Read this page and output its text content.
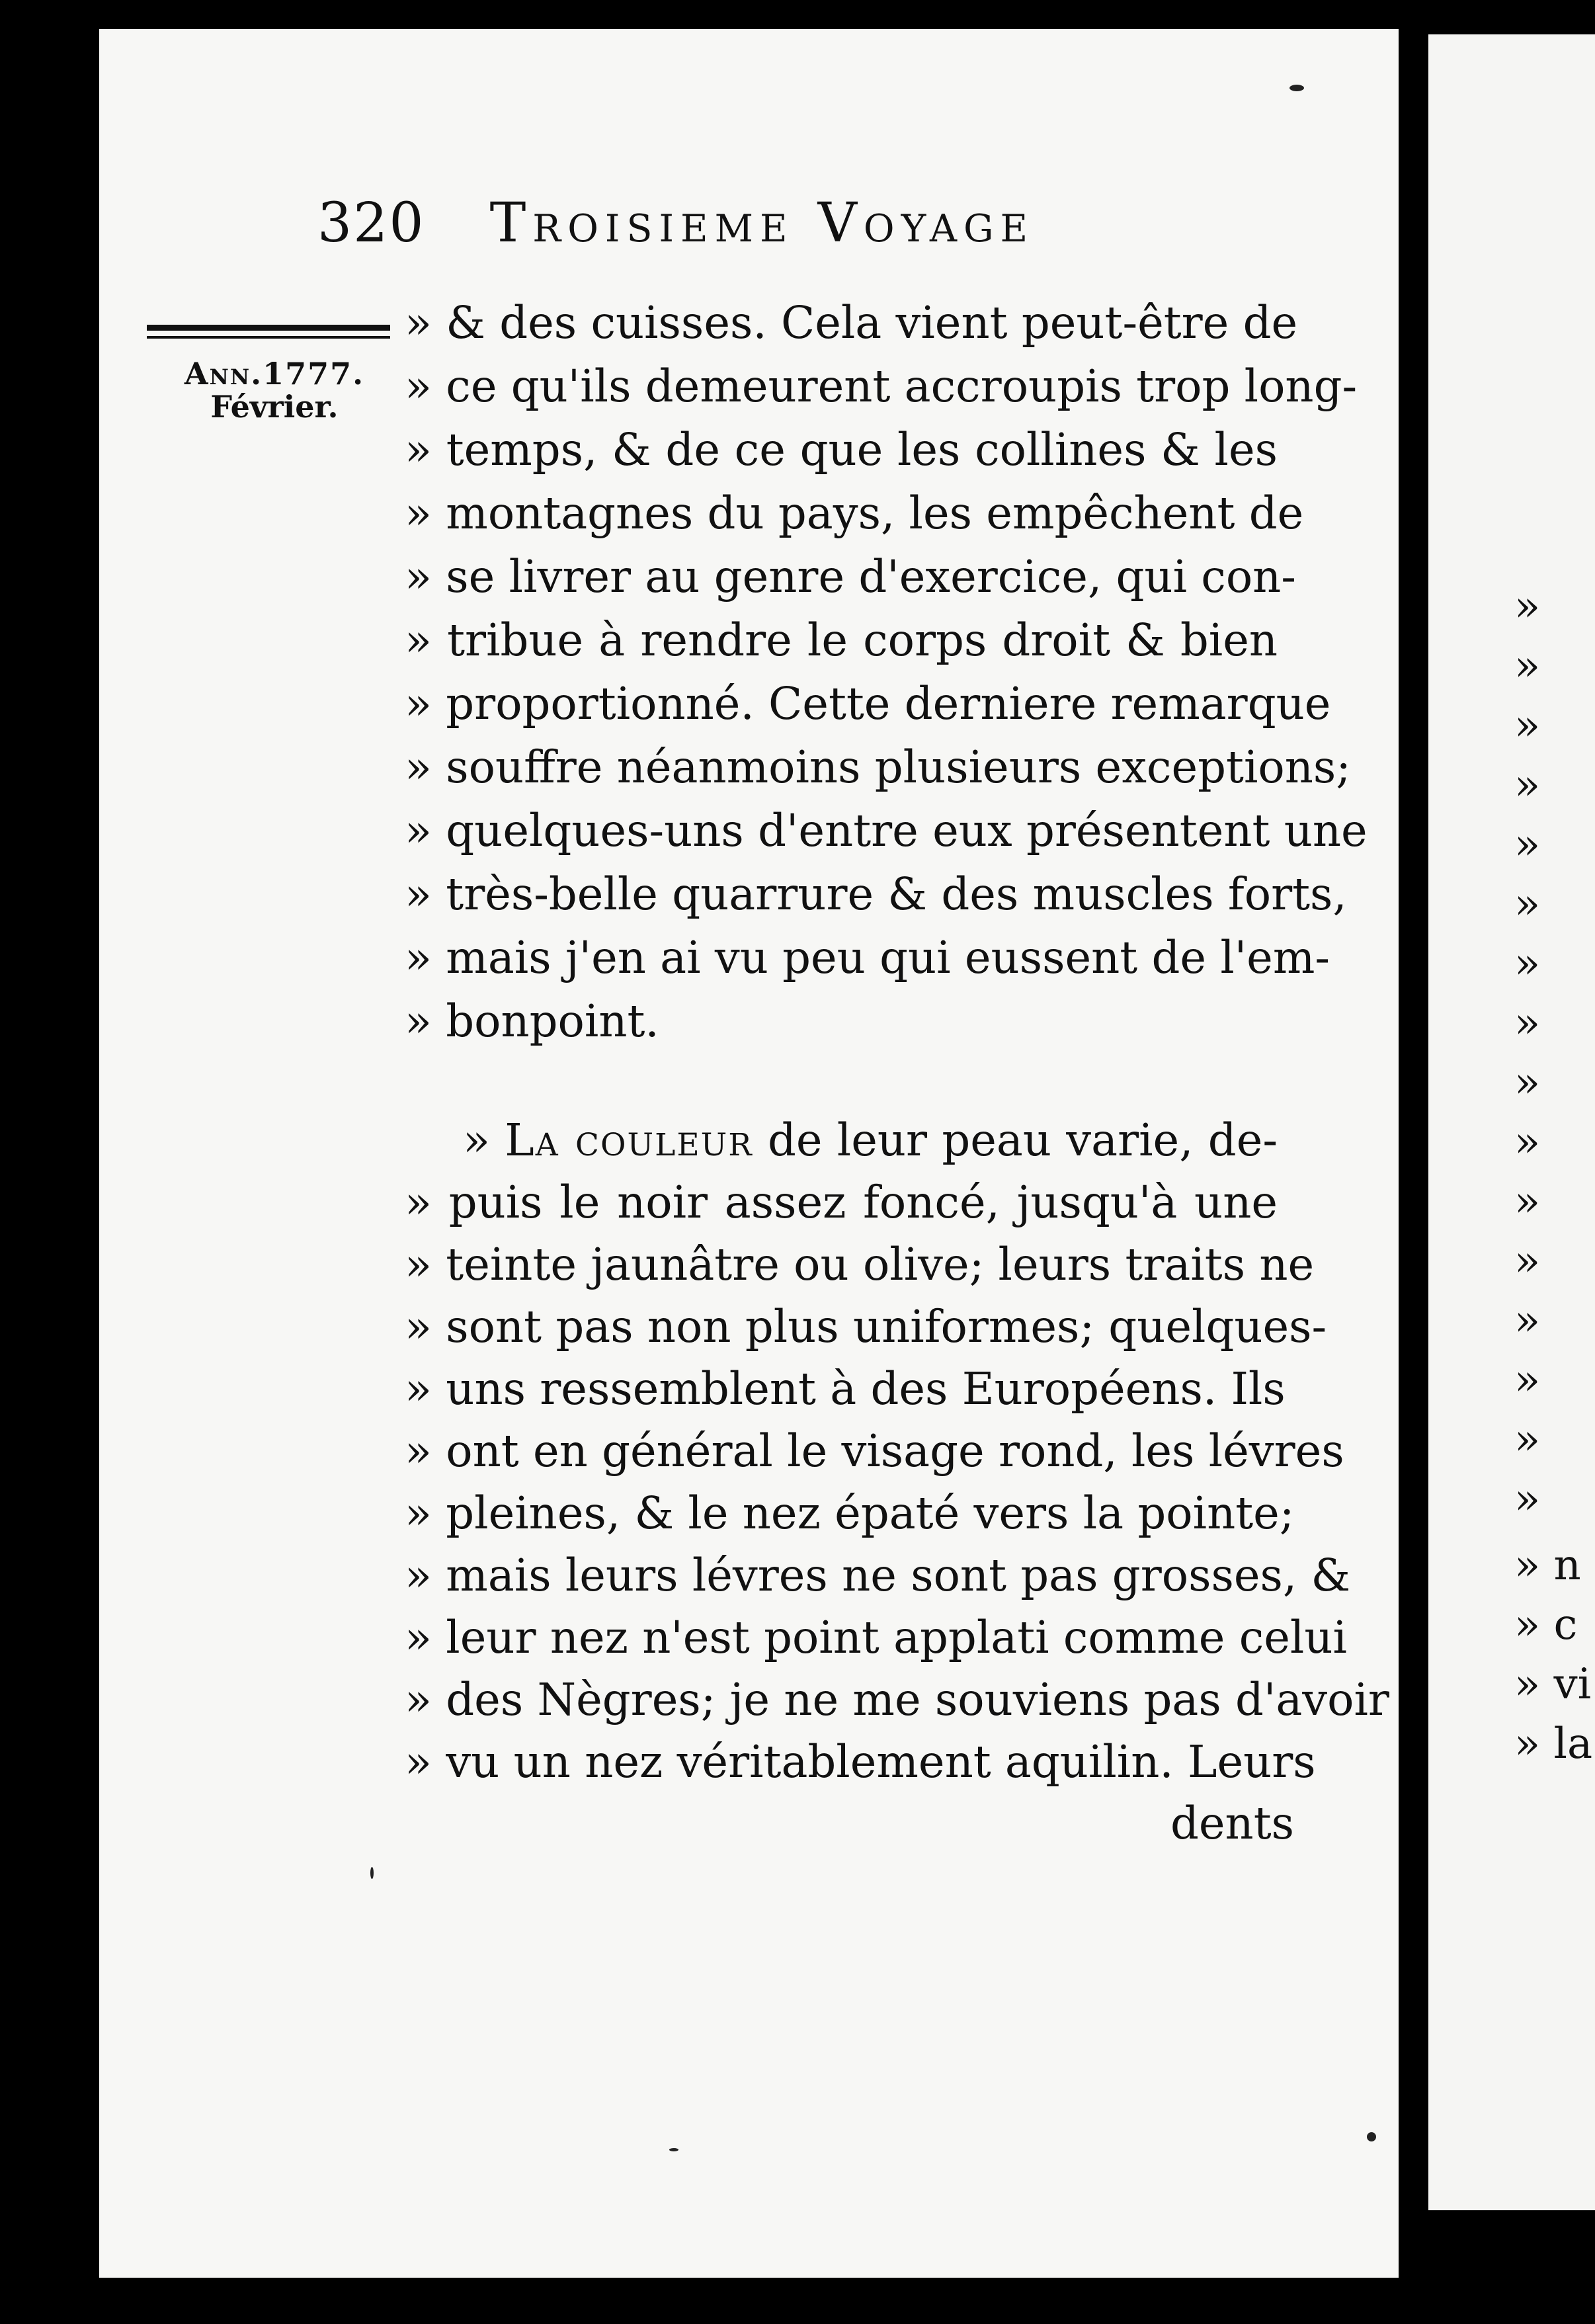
320 Troisieme Voyage
Ann.1777.
Février.
» & des cuisses. Cela vient peut-être de
» ce qu'ils demeurent accroupis trop long-
» temps, & de ce que les collines & les
» montagnes du pays, les empêchent de
» se livrer au genre d'exercice, qui con-
» tribue à rendre le corps droit & bien
» proportionné. Cette derniere remarque
» souffre néanmoins plusieurs exceptions;
» quelques-uns d'entre eux présentent une
» très-belle quarrure & des muscles forts,
» mais j'en ai vu peu qui eussent de l'em-
» bonpoint.
» La couleur de leur peau varie, de-
» puis le noir assez foncé, jusqu'à une
» teinte jaunâtre ou olive; leurs traits ne
» sont pas non plus uniformes; quelques-
» uns ressemblent à des Européens. Ils
» ont en général le visage rond, les lévres
» pleines, & le nez épaté vers la pointe;
» mais leurs lévres ne sont pas grosses, &
» leur nez n'est point applati comme celui
» des Nègres; je ne me souviens pas d'avoir
» vu un nez véritablement aquilin. Leurs
dents
»
»
»
»
»
»
»
»
»
»
»
»
»
»
»
»
» n
» c
» vi
» la
